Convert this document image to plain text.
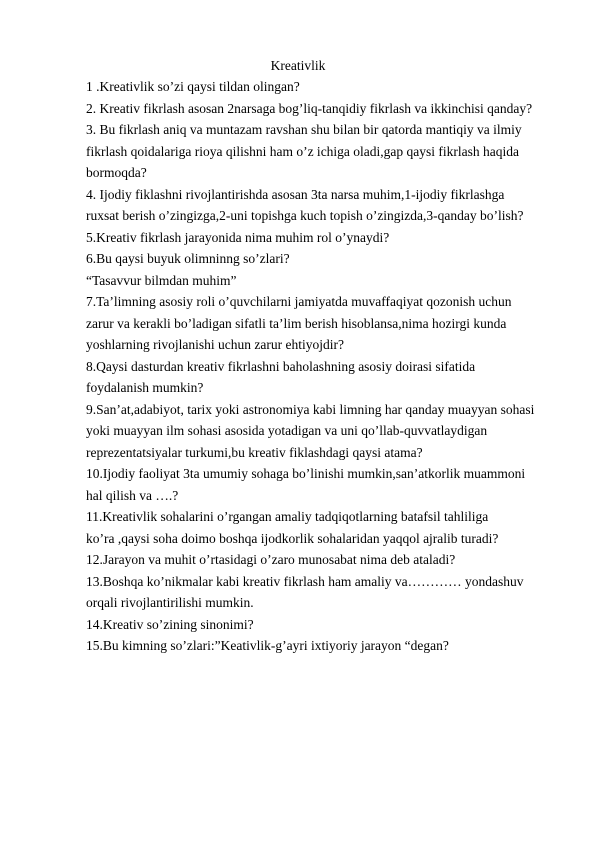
Kreativlik
1 .Kreativlik so’zi qaysi tildan olingan?
2. Kreativ fikrlash asosan 2narsaga bog’liq-tanqidiy fikrlash va ikkinchisi qanday?
3. Bu fikrlash aniq va muntazam ravshan shu bilan bir qatorda mantiqiy va ilmiy
fikrlash qoidalariga rioya qilishni ham o’z ichiga oladi,gap qaysi fikrlash haqida
bormoqda?
4. Ijodiy fiklashni rivojlantirishda asosan 3ta narsa muhim,1-ijodiy fikrlashga
ruxsat berish o’zingizga,2-uni topishga kuch topish o’zingizda,3-qanday bo’lish?
5.Kreativ fikrlash jarayonida nima muhim rol o’ynaydi?
6.Bu qaysi buyuk olimninng so’zlari?
“Tasavvur bilmdan muhim”
7.Ta’limning asosiy roli o’quvchilarni jamiyatda muvaffaqiyat qozonish uchun
zarur va kerakli bo’ladigan sifatli ta’lim berish hisoblansa,nima hozirgi kunda
yoshlarning rivojlanishi uchun zarur ehtiyojdir?
8.Qaysi dasturdan kreativ fikrlashni baholashning asosiy doirasi sifatida
foydalanish mumkin?
9.San’at,adabiyot, tarix yoki astronomiya kabi limning har qanday muayyan sohasi
yoki muayyan ilm sohasi asosida yotadigan va uni qo’llab-quvvatlaydigan
reprezentatsiyalar turkumi,bu kreativ fiklashdagi qaysi atama?
10.Ijodiy faoliyat 3ta umumiy sohaga bo’linishi mumkin,san’atkorlik muammoni
hal qilish va ….?
11.Kreativlik sohalarini o’rgangan amaliy tadqiqotlarning batafsil tahliliga
ko’ra ,qaysi soha doimo boshqa ijodkorlik sohalaridan yaqqol ajralib turadi?
12.Jarayon va muhit o’rtasidagi o’zaro munosabat nima deb ataladi?
13.Boshqa ko’nikmalar kabi kreativ fikrlash ham amaliy va………… yondashuv
orqali rivojlantirilishi mumkin.
14.Kreativ so’zining sinonimi?
15.Bu kimning so’zlari:”Keativlik-g’ayri ixtiyoriy jarayon “degan?
